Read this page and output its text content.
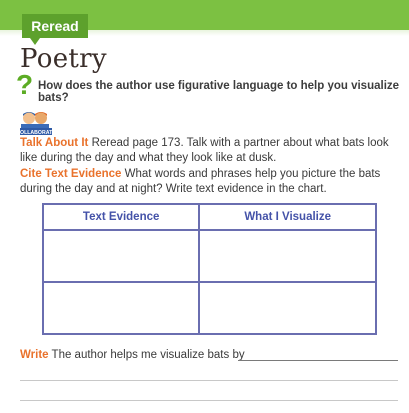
Reread
Poetry
? How does the author use figurative language to help you visualize bats?
COLLABORATE
Talk About It Reread page 173. Talk with a partner about what bats look like during the day and what they look like at dusk.
Cite Text Evidence What words and phrases help you picture the bats during the day and at night? Write text evidence in the chart.
Text Evidence	What I Visualize

Write The author helps me visualize bats by
